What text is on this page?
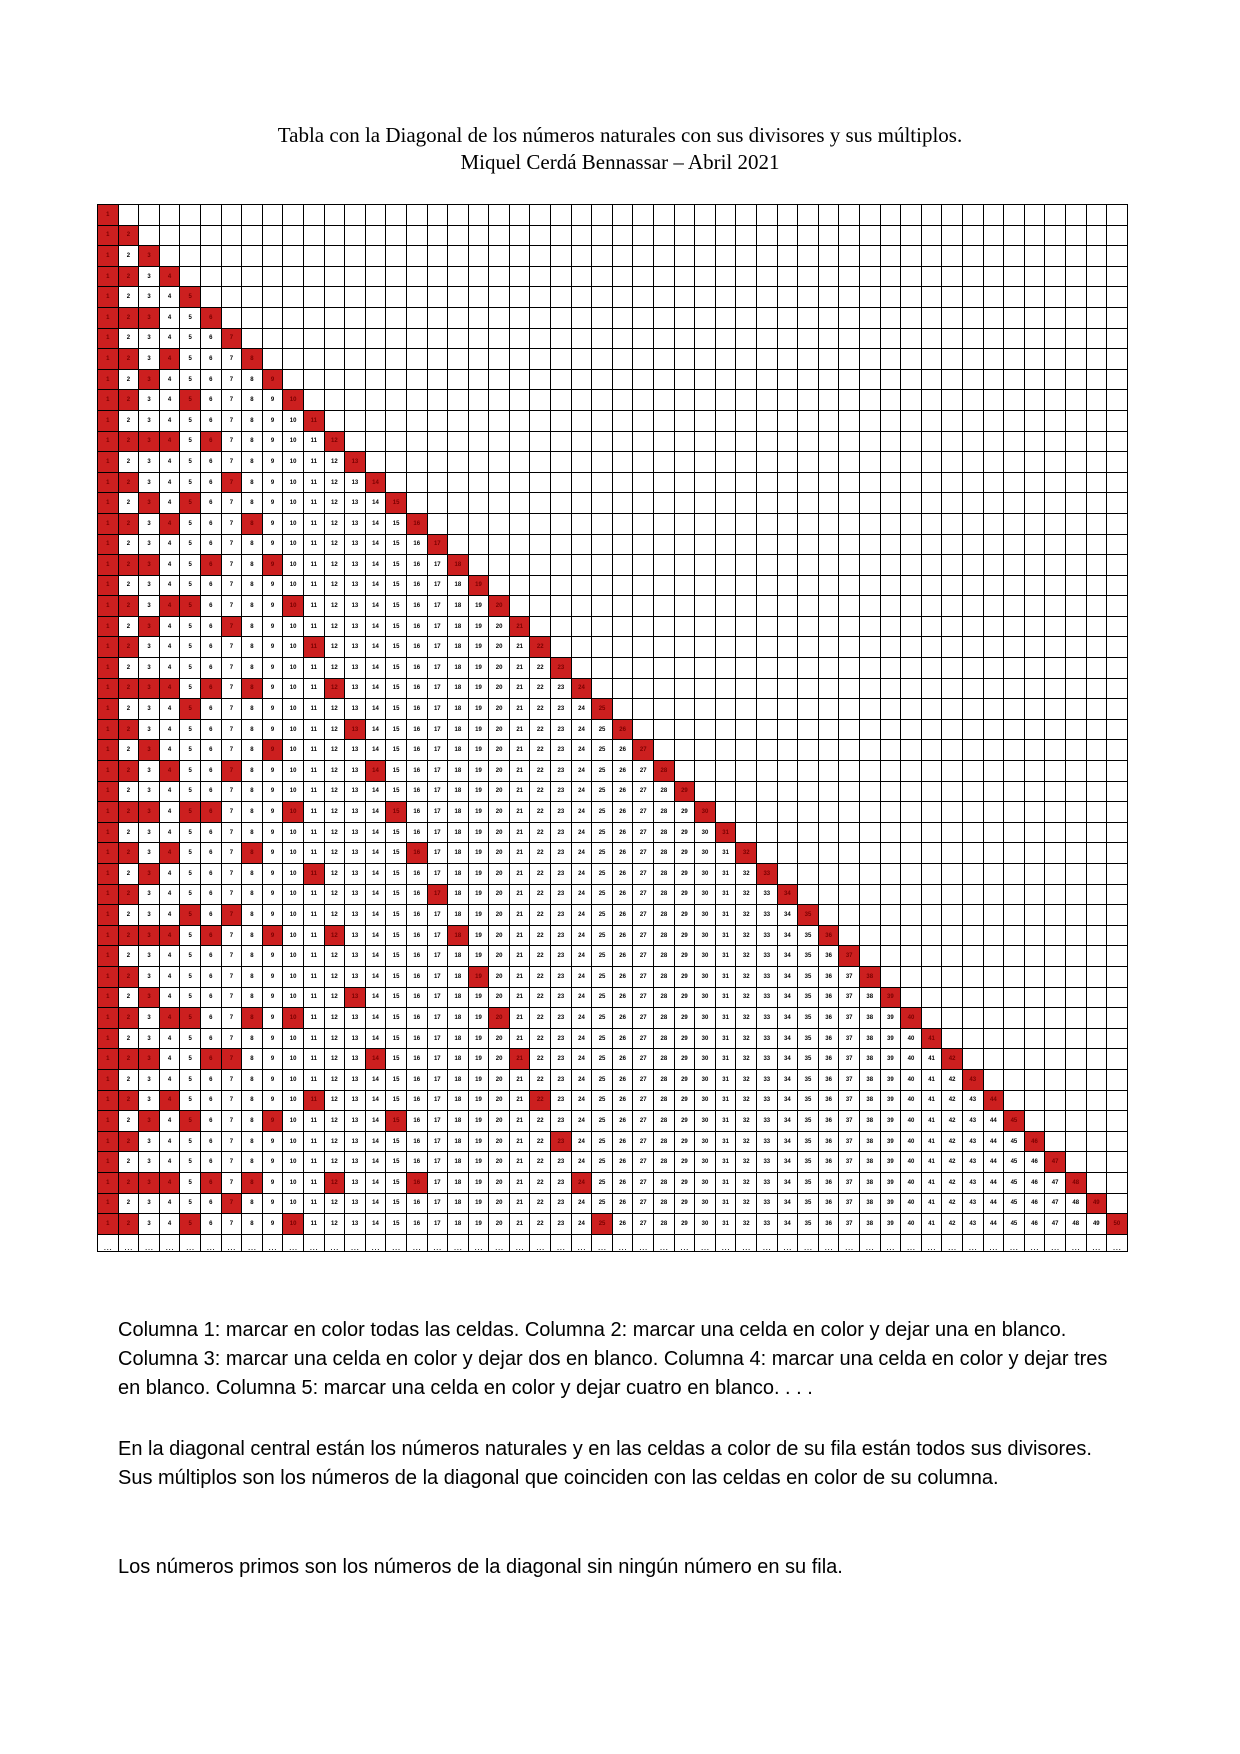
Tabla con la Diagonal de los números naturales con sus divisores y sus múltiplos.
Miquel Cerdá Bennassar – Abril 2021
1																																																	
1	2																																																
1	2	3																																															
1	2	3	4																																														
1	2	3	4	5																																													
1	2	3	4	5	6																																												
1	2	3	4	5	6	7																																											
1	2	3	4	5	6	7	8																																										
1	2	3	4	5	6	7	8	9																																									
1	2	3	4	5	6	7	8	9	10																																								
1	2	3	4	5	6	7	8	9	10	11																																							
1	2	3	4	5	6	7	8	9	10	11	12																																						
1	2	3	4	5	6	7	8	9	10	11	12	13																																					
1	2	3	4	5	6	7	8	9	10	11	12	13	14																																				
1	2	3	4	5	6	7	8	9	10	11	12	13	14	15																																			
1	2	3	4	5	6	7	8	9	10	11	12	13	14	15	16																																		
1	2	3	4	5	6	7	8	9	10	11	12	13	14	15	16	17																																	
1	2	3	4	5	6	7	8	9	10	11	12	13	14	15	16	17	18																																
1	2	3	4	5	6	7	8	9	10	11	12	13	14	15	16	17	18	19																															
1	2	3	4	5	6	7	8	9	10	11	12	13	14	15	16	17	18	19	20																														
1	2	3	4	5	6	7	8	9	10	11	12	13	14	15	16	17	18	19	20	21																													
1	2	3	4	5	6	7	8	9	10	11	12	13	14	15	16	17	18	19	20	21	22																												
1	2	3	4	5	6	7	8	9	10	11	12	13	14	15	16	17	18	19	20	21	22	23																											
1	2	3	4	5	6	7	8	9	10	11	12	13	14	15	16	17	18	19	20	21	22	23	24																										
1	2	3	4	5	6	7	8	9	10	11	12	13	14	15	16	17	18	19	20	21	22	23	24	25																									
1	2	3	4	5	6	7	8	9	10	11	12	13	14	15	16	17	18	19	20	21	22	23	24	25	26																								
1	2	3	4	5	6	7	8	9	10	11	12	13	14	15	16	17	18	19	20	21	22	23	24	25	26	27																							
1	2	3	4	5	6	7	8	9	10	11	12	13	14	15	16	17	18	19	20	21	22	23	24	25	26	27	28																						
1	2	3	4	5	6	7	8	9	10	11	12	13	14	15	16	17	18	19	20	21	22	23	24	25	26	27	28	29																					
1	2	3	4	5	6	7	8	9	10	11	12	13	14	15	16	17	18	19	20	21	22	23	24	25	26	27	28	29	30																				
1	2	3	4	5	6	7	8	9	10	11	12	13	14	15	16	17	18	19	20	21	22	23	24	25	26	27	28	29	30	31																			
1	2	3	4	5	6	7	8	9	10	11	12	13	14	15	16	17	18	19	20	21	22	23	24	25	26	27	28	29	30	31	32																		
1	2	3	4	5	6	7	8	9	10	11	12	13	14	15	16	17	18	19	20	21	22	23	24	25	26	27	28	29	30	31	32	33																	
1	2	3	4	5	6	7	8	9	10	11	12	13	14	15	16	17	18	19	20	21	22	23	24	25	26	27	28	29	30	31	32	33	34																
1	2	3	4	5	6	7	8	9	10	11	12	13	14	15	16	17	18	19	20	21	22	23	24	25	26	27	28	29	30	31	32	33	34	35															
1	2	3	4	5	6	7	8	9	10	11	12	13	14	15	16	17	18	19	20	21	22	23	24	25	26	27	28	29	30	31	32	33	34	35	36														
1	2	3	4	5	6	7	8	9	10	11	12	13	14	15	16	17	18	19	20	21	22	23	24	25	26	27	28	29	30	31	32	33	34	35	36	37													
1	2	3	4	5	6	7	8	9	10	11	12	13	14	15	16	17	18	19	20	21	22	23	24	25	26	27	28	29	30	31	32	33	34	35	36	37	38												
1	2	3	4	5	6	7	8	9	10	11	12	13	14	15	16	17	18	19	20	21	22	23	24	25	26	27	28	29	30	31	32	33	34	35	36	37	38	39											
1	2	3	4	5	6	7	8	9	10	11	12	13	14	15	16	17	18	19	20	21	22	23	24	25	26	27	28	29	30	31	32	33	34	35	36	37	38	39	40										
1	2	3	4	5	6	7	8	9	10	11	12	13	14	15	16	17	18	19	20	21	22	23	24	25	26	27	28	29	30	31	32	33	34	35	36	37	38	39	40	41									
1	2	3	4	5	6	7	8	9	10	11	12	13	14	15	16	17	18	19	20	21	22	23	24	25	26	27	28	29	30	31	32	33	34	35	36	37	38	39	40	41	42								
1	2	3	4	5	6	7	8	9	10	11	12	13	14	15	16	17	18	19	20	21	22	23	24	25	26	27	28	29	30	31	32	33	34	35	36	37	38	39	40	41	42	43							
1	2	3	4	5	6	7	8	9	10	11	12	13	14	15	16	17	18	19	20	21	22	23	24	25	26	27	28	29	30	31	32	33	34	35	36	37	38	39	40	41	42	43	44						
1	2	3	4	5	6	7	8	9	10	11	12	13	14	15	16	17	18	19	20	21	22	23	24	25	26	27	28	29	30	31	32	33	34	35	36	37	38	39	40	41	42	43	44	45					
1	2	3	4	5	6	7	8	9	10	11	12	13	14	15	16	17	18	19	20	21	22	23	24	25	26	27	28	29	30	31	32	33	34	35	36	37	38	39	40	41	42	43	44	45	46				
1	2	3	4	5	6	7	8	9	10	11	12	13	14	15	16	17	18	19	20	21	22	23	24	25	26	27	28	29	30	31	32	33	34	35	36	37	38	39	40	41	42	43	44	45	46	47			
1	2	3	4	5	6	7	8	9	10	11	12	13	14	15	16	17	18	19	20	21	22	23	24	25	26	27	28	29	30	31	32	33	34	35	36	37	38	39	40	41	42	43	44	45	46	47	48		
1	2	3	4	5	6	7	8	9	10	11	12	13	14	15	16	17	18	19	20	21	22	23	24	25	26	27	28	29	30	31	32	33	34	35	36	37	38	39	40	41	42	43	44	45	46	47	48	49	
1	2	3	4	5	6	7	8	9	10	11	12	13	14	15	16	17	18	19	20	21	22	23	24	25	26	27	28	29	30	31	32	33	34	35	36	37	38	39	40	41	42	43	44	45	46	47	48	49	50
…	…	…	…	…	…	…	…	…	…	…	…	…	…	…	…	…	…	…	…	…	…	…	…	…	…	…	…	…	…	…	…	…	…	…	…	…	…	…	…	…	…	…	…	…	…	…	…	…	…

Columna 1: marcar en color todas las celdas. Columna 2: marcar una celda en color y dejar una en blanco. Columna 3: marcar una celda en color y dejar dos en blanco. Columna 4: marcar una celda en color y dejar tres en blanco. Columna 5: marcar una celda en color y dejar cuatro en blanco. . . .

En la diagonal central están los números naturales y en las celdas a color de su fila están todos sus divisores. Sus múltiplos son los números de la diagonal que coinciden con las celdas en color de su columna.

Los números primos son los números de la diagonal sin ningún número en su fila.
